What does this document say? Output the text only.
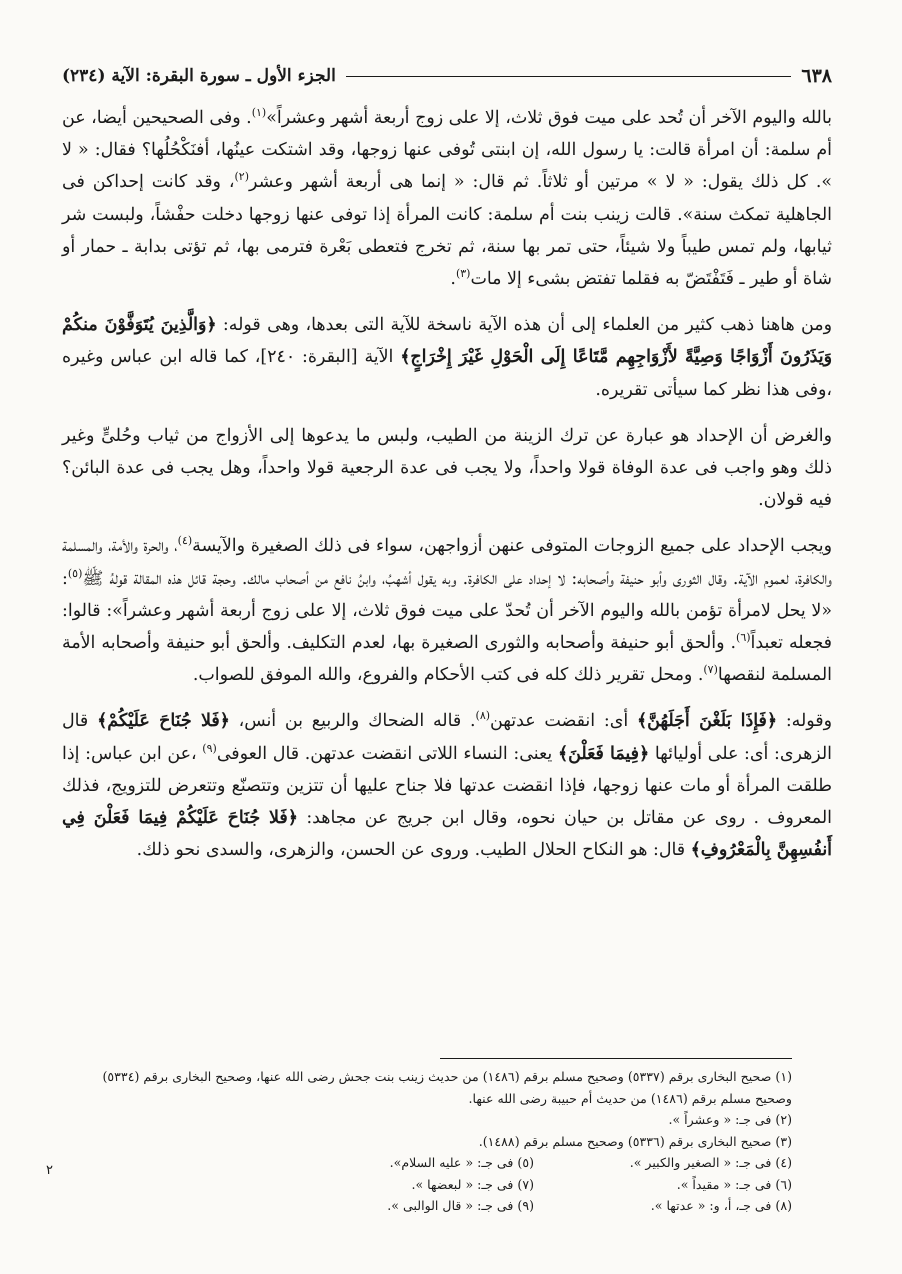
٦٣٨
الجزء الأول ـ سورة البقرة: الآية (٢٣٤)

بالله واليوم الآخر أن تُحد على ميت فوق ثلاث، إلا على زوج أربعة أشهر وعشراً»$^{(١)}$. وفى الصحيحين أيضا، عن أم سلمة: أن امرأة قالت: يا رسول الله، إن ابنتى تُوفى عنها زوجها، وقد اشتكت عينُها، أفنَكْحُلُها؟ فقال: « لا ». كل ذلك يقول: « لا » مرتين أو ثلاثاً. ثم قال: « إنما هى أربعة أشهر وعشر$^{(٢)}$، وقد كانت إحداكن فى الجاهلية تمكث سنة». قالت زينب بنت أم سلمة: كانت المرأة إذا توفى عنها زوجها دخلت حفْشاً، ولبست شر ثيابها، ولم تمس طيباً ولا شيئاً، حتى تمر بها سنة، ثم تخرج فتعطى بَعْرة فترمى بها، ثم تؤتى بدابة ـ حمار أو شاة أو طير ـ فَتَفْتَضّ به فقلما تفتض بشىء إلا مات$^{(٣)}$.

ومن هاهنا ذهب كثير من العلماء إلى أن هذه الآية ناسخة للآية التى بعدها، وهى قوله: ﴿وَالَّذِينَ يُتَوَفَّوْنَ منكُمْ وَيَذَرُونَ أَزْوَاجًا وَصِيَّةً لأَزْوَاجِهِم مَّتَاعًا إِلَى الْحَوْلِ غَيْرَ إِخْرَاجٍ﴾ الآية [البقرة: ٢٤٠]، كما قاله ابن عباس وغيره ،وفى هذا نظر كما سيأتى تقريره.

والغرض أن الإحداد هو عبارة عن ترك الزينة من الطيب، ولبس ما يدعوها إلى الأزواج من ثياب وحُلىٍّ وغير ذلك وهو واجب فى عدة الوفاة قولا واحداً، ولا يجب فى عدة الرجعية قولا واحداً، وهل يجب فى عدة البائن؟ فيه قولان.

ويجب الإحداد على جميع الزوجات المتوفى عنهن أزواجهن، سواء فى ذلك الصغيرة والآيسة$^{(٤)}$، والحرة والأمة، والمسلمة والكافرة، لعموم الآية. وقال الثورى وأبو حنيفة وأصحابه: لا إحداد على الكافرة. وبه يقول أشهبُ، وابنُ نافع من أصحاب مالك. وحجة قائل هذه المقالة قولهُ ﷺ$^{(٥)}$: «لا يحل لامرأة تؤمن بالله واليوم الآخر أن تُحدّ على ميت فوق ثلاث، إلا على زوج أربعة أشهر وعشراً»: قالوا: فجعله تعبداً$^{(٦)}$. وألحق أبو حنيفة وأصحابه والثورى الصغيرة بها، لعدم التكليف. وألحق أبو حنيفة وأصحابه الأمة المسلمة لنقصها$^{(٧)}$. ومحل تقرير ذلك كله فى كتب الأحكام والفروع، والله الموفق للصواب.

وقوله: ﴿فَإِذَا بَلَغْنَ أَجَلَهُنَّ﴾ أى: انقضت عدتهن$^{(٨)}$. قاله الضحاك والربيع بن أنس، ﴿فَلا جُنَاحَ عَلَيْكُمْ﴾ قال الزهرى: أى: على أوليائها ﴿فِيمَا فَعَلْنَ﴾ يعنى: النساء اللاتى انقضت عدتهن. قال العوفى$^{(٩)}$ ،عن ابن عباس: إذا طلقت المرأة أو مات عنها زوجها، فإذا انقضت عدتها فلا جناح عليها أن تتزين وتتصنّع وتتعرض للتزويج، فذلك المعروف . روى عن مقاتل بن حيان نحوه، وقال ابن جريج عن مجاهد: ﴿فَلا جُنَاحَ عَلَيْكُمْ فِيمَا فَعَلْنَ فِي أَنفُسِهِنَّ بِالْمَعْرُوفِ﴾ قال: هو النكاح الحلال الطيب. وروى عن الحسن، والزهرى، والسدى نحو ذلك.

(١) صحيح البخارى برقم (٥٣٣٧) وصحيح مسلم برقم (١٤٨٦) من حديث زينب بنت جحش رضى الله عنها، وصحيح البخارى برقم (٥٣٣٤) وصحيح مسلم برقم (١٤٨٦) من حديث أم حبيبة رضى الله عنها.

(٢) فى جـ: « وعشراً ».

(٣) صحيح البخارى برقم (٥٣٣٦) وصحيح مسلم برقم (١٤٨٨).

(٤) فى جـ: « الصغير والكبير ».
(٥) فى جـ: « عليه السلام».
(٦) فى جـ: « مقيداً ».
(٧) فى جـ: « لبعضها ».
(٨) فى جـ، أ، و: « عدتها ».
(٩) فى جـ: « قال الوالبى ».
٢
